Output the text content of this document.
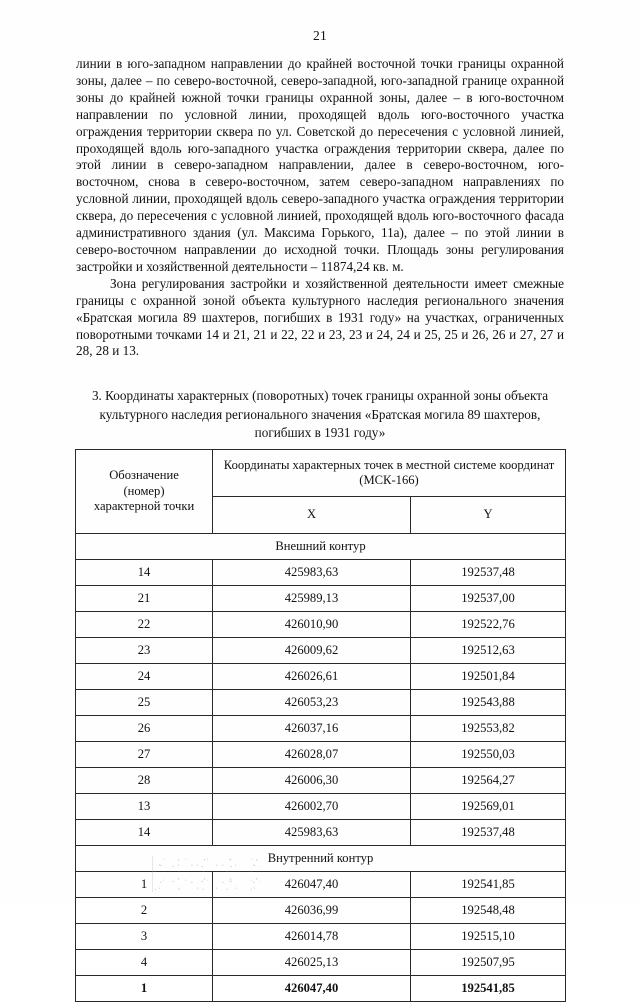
21

линии в юго-западном направлении до крайней восточной точки границы охранной зоны, далее – по северо-восточной, северо-западной, юго-западной границе охранной зоны до крайней южной точки границы охранной зоны, далее – в юго-восточном направлении по условной линии, проходящей вдоль юго-восточного участка ограждения территории сквера по ул. Советской до пересечения с условной линией, проходящей вдоль юго-западного участка ограждения территории сквера, далее по этой линии в северо-западном направлении, далее в северо-восточном, юго-восточном, снова в северо-восточном, затем северо-западном направлениях по условной линии, проходящей вдоль северо-западного участка ограждения территории сквера, до пересечения с условной линией, проходящей вдоль юго-восточного фасада административного здания (ул. Максима Горького, 11а), далее – по этой линии в северо-восточном направлении до исходной точки. Площадь зоны регулирования застройки и хозяйственной деятельности – 11874,24 кв. м.

Зона регулирования застройки и хозяйственной деятельности имеет смежные границы с охранной зоной объекта культурного наследия регионального значения «Братская могила 89 шахтеров, погибших в 1931 году» на участках, ограниченных поворотными точками 14 и 21, 21 и 22, 22 и 23, 23 и 24, 24 и 25, 25 и 26, 26 и 27, 27 и 28, 28 и 13.

3. Координаты характерных (поворотных) точек границы охранной зоны объекта культурного наследия регионального значения «Братская могила 89 шахтеров, погибших в 1931 году»
Обозначение
(номер)
характерной точки	Координаты характерных точек в местной системе координат (МСК-166)	
	X	Y
Внешний контур		
14	425983,63	192537,48
21	425989,13	192537,00
22	426010,90	192522,76
23	426009,62	192512,63
24	426026,61	192501,84
25	426053,23	192543,88
26	426037,16	192553,82
27	426028,07	192550,03
28	426006,30	192564,27
13	426002,70	192569,01
14	425983,63	192537,48
Внутренний контур		
1	426047,40	192541,85
2	426036,99	192548,48
3	426014,78	192515,10
4	426025,13	192507,95
1	426047,40	192541,85
